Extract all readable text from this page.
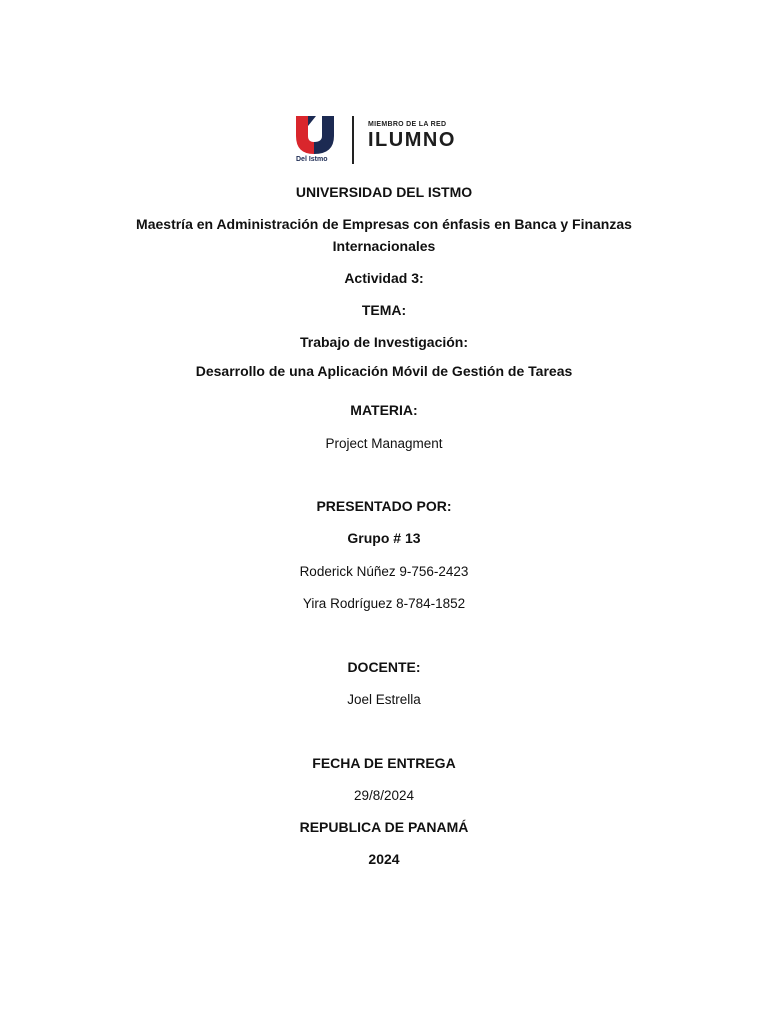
Del Istmo
MIEMBRO DE LA RED
ILUMNO
UNIVERSIDAD DEL ISTMO
Maestría en Administración de Empresas con énfasis en Banca y Finanzas
Internacionales
Actividad 3:
TEMA:
Trabajo de Investigación:
Desarrollo de una Aplicación Móvil de Gestión de Tareas
MATERIA:
Project Managment
PRESENTADO POR:
Grupo # 13
Roderick Núñez 9-756-2423
Yira Rodríguez 8-784-1852
DOCENTE:
Joel Estrella
FECHA DE ENTREGA
29/8/2024
REPUBLICA DE PANAMÁ
2024
